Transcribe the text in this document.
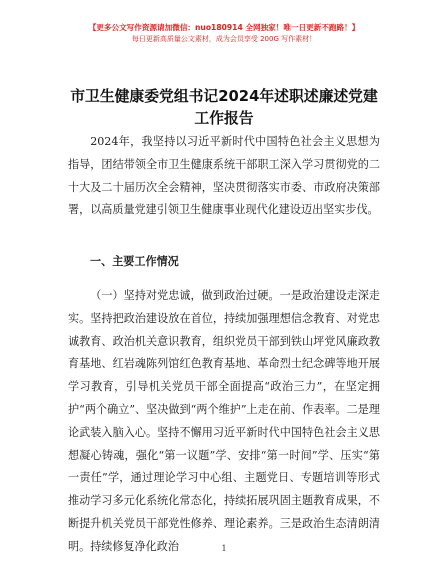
【更多公文写作资源请加微信：nuo180914 全网独家！唯一日更新不跑路！】
每日更新高质量公文素材，成为会员享受 200G 写作素材！
市卫生健康委党组书记2024年述职述廉述党建
工作报告

2024年，我坚持以习近平新时代中国特色社会主义思想为指导，团结带领全市卫生健康系统干部职工深入学习贯彻党的二十大及二十届历次全会精神，坚决贯彻落实市委、市政府决策部署，以高质量党建引领卫生健康事业现代化建设迈出坚实步伐。

一、主要工作情况

（一）坚持对党忠诚，做到政治过硬。一是政治建设走深走实。坚持把政治建设放在首位，持续加强理想信念教育、对党忠诚教育、政治机关意识教育，组织党员干部到铁山坪党风廉政教育基地、红岩魂陈列馆红色教育基地、革命烈士纪念碑等地开展学习教育，引导机关党员干部全面提高“政治三力”，在坚定拥护“两个确立”、坚决做到“两个维护”上走在前、作表率。二是理论武装入脑入心。坚持不懈用习近平新时代中国特色社会主义思想凝心铸魂，强化“第一议题”学、安排“第一时间”学、压实“第一责任”学，通过理论学习中心组、主题党日、专题培训等形式推动学习多元化系统化常态化，持续拓展巩固主题教育成果，不断提升机关党员干部党性修养、理论素养。三是政治生态清朗清明。持续修复净化政治	1
